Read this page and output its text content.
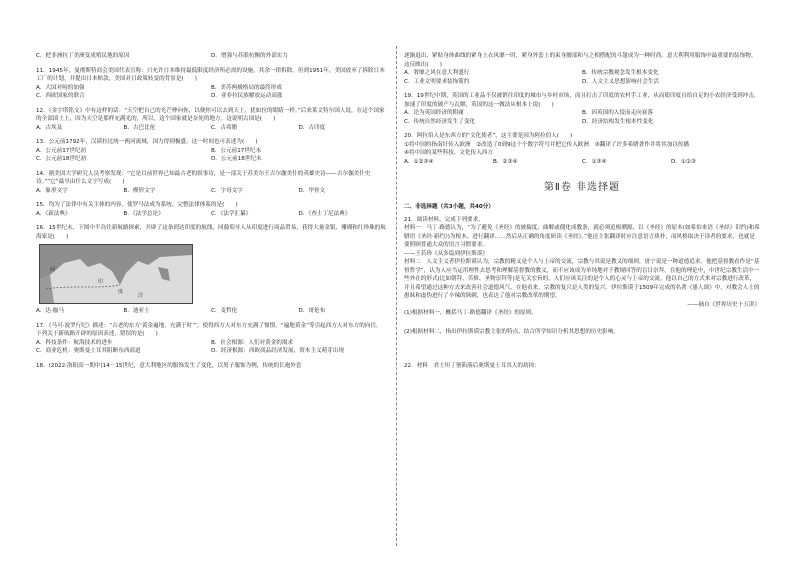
C．把非洲拉丁美洲变成殖民地的原因	D．增强与苏联抗衡的外部实力
11．1945年，曼彻斯特商会美国代表宣称：只允许日本维持最低限度经济所必需的设施，其余一律拆除。但到1951年，美国放弃了拆除日本工厂的计划，并提出日本赔款，美国对日政策转变的背景是(　　)
A．大国对峙的加强	B．美苏两极格局的最终形成
C．西欧国家的联合	D．亚非拉民族解放运动高涨
12．《金字塔铭文》中有这样的话：“天空把自己的光芒伸向你，以便你可以去到天上，犹如拉的眼睛一样。”后来莱文特尔国人说，在这个国家的全部国土上，因为天空是那样充满光的，所以，这个国家就是奈死的地方。这说明古国是(　　)
A．古埃及	B．古巴比伦	C．古希腊	D．古印度
13．公元前1792年，汉谟拉比统一两河流域，国力得到极盛。这一时间也可表述为(　　)
A．公元前17世纪初	B．公元前17世纪末
C．公元前18世纪初	D．公元前18世纪末
14．据美国大学研究人员考察发现：“它是目前世界已知最古老的叙事诗，是一部关于苏美尔王吉尔伽美什的英雄史诗——吉尔伽美什史诗。”“它”最早由什么文字写成(　　)
A．象形文字	B．楔形文字	C．字母文字	D．甲骨文
15．均为了法律中有关主体的内容，使罗马法成为系统、完整法律体系的是(　　)
A．《新法典》	B．《法学总论》	C．《法学汇纂》	D．《查士丁尼法典》
16．15世纪末，下图中半岛往新航路探索，开辟了这条到达印度的航线，同葡萄牙人从印度进行商品贸易，获得大量金银、珊瑚和红珍珠的航海家是(　　)
阿
印
度
洋
A．达·伽马	B．迪亚士	C．麦哲伦	D．哥伦布
17．《马可·波罗行纪》描述：“古老的东方‘黄金遍地，充满于时’”，使得西方人对东方充满了憧憬，“遍地黄金”等引起西方人对东方的向往。下列关于新航路开辟的原因表述，错误的是(　　)
A．科技条件：航海技术的进步	B．社会根源：人们对黄金的渴求
C．商业危机：奥斯曼土耳其阻断东西商道	D．经济根源：西欧商品经济发展，资本主义萌芽出现
18．(2022·洛阳高一期中)14－15世纪，意大利地区的服饰发生了变化，以男子服饰为例，传统的长袍外套
逐渐退出，紧贴身体曲线的紧身上衣风靡一时，紧身外套上的束身腰部和与之相搭配的斗篷成为一种时尚。意大利利用服饰中最重要的装饰物。这反映出(　　)
A．奢靡之风在意大利盛行	B．传统宗教观念发生根本变化
C．工业文明要求装饰简约	D．人文主义思想影响社会生活
19．19世纪中期，英国的工业品不仅被销往印度的城市与乡村市场，而且打击了印度的农村手工业，从而使印度自给自足的小农经济受到冲击，加速了印度的破产与瓦解，英国的这一做法从根本上说(　　)
A．沦为英国经济的附庸	B．因英国的入侵而走向衰落
C．传统自然经济发生了变化	D．经济结构发生根本性变化
20．阿拉伯人是东西方的“文化使者”，这主要是因为阿拉伯人(　　)
①将中国的指南针传入欧洲　 ②改造了0到9这十个数字符号并把它传入欧洲　 ③翻译了许多希腊著作并将其加以传播
④将中国的某些科技、文化传入西方
A．①②③④	B．②③④	C．①③④	D．①②③
第Ⅱ卷 非选择题
二、非选择题（共3小题，共40分）
21．阅读材料，完成下列要求。
材料一　马丁·路德认为，“为了避免《圣经》的被揣度、曲解或僵化成教条，就必须追根溯源，以《圣经》的原本(如希伯来语《圣经》旧约)和希腊语《圣经·新约》)为根本，进行翻译……然后从正确的角度研读《圣经》。”他还主张翻译时应注意语言质朴，而风格取决于读者的要求，也就是要照顾普通大众的语言习惯要求。
——王若珍《从多篇到伊拉斯谟》
材料二　人文主义者伊拉斯谟认为，宗教的精义是个人与上帝的交流，宗教与其说是教义的细则，毋宁说是一种道德追求。他把基督教看作是“基督哲学”，认为人应当运用理性去思考和理解基督教的教义，而不应该成为单纯地对于教规回答的盲目崇拜。在他的理论中，中世纪宗教生活中一些外在的形式(比如朝拜、苦修、圣物崇拜等)是无关宏旨的，人们应该关注的是个人的心灵与上帝的交流，他以自己的方式来对宗教进行改革，并且希望通过这种方式来改善社会道德风气，在他看来，宗教的复兴是人类的复兴。伊拉斯谟于1509年完成的名著《愚人颂》中，对教会人士的愚昧和虚伪进行了辛辣的讽刺，也表达了他对宗教改革的期望。
——摘自《世界历史十五讲》
(1)根据材料一，概括马丁·路德翻译《圣经》的原则。
(2)根据材料二，指出伊拉斯谟宗教主张的特点，结合所学知识分析其思想的历史影响。
22．材料　君士坦丁堡陷落后奥斯曼土耳其人的劫掠：
